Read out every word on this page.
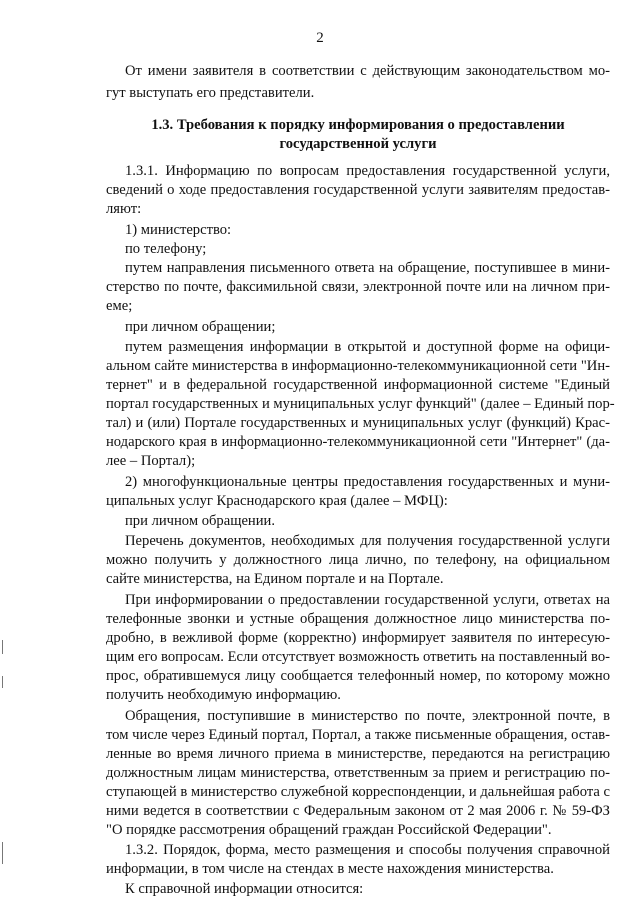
2
1.3. Требования к порядку информирования о предоставлении
государственной услуги
От имени заявителя в соответствии с действующим законодательством мо-
гут выступать его представители.
1.3.1. Информацию по вопросам предоставления государственной услуги,
сведений о ходе предоставления государственной услуги заявителям предостав-
ляют:
1) министерство:
по телефону;
путем направления письменного ответа на обращение, поступившее в мини-
стерство по почте, факсимильной связи, электронной почте или на личном при-
еме;
при личном обращении;
путем размещения информации в открытой и доступной форме на офици-
альном сайте министерства в информационно-телекоммуникационной сети "Ин-
тернет" и в федеральной государственной информационной системе "Единый
портал государственных и муниципальных услуг функций" (далее – Единый пор-
тал) и (или) Портале государственных и муниципальных услуг (функций) Крас-
нодарского края в информационно-телекоммуникационной сети "Интернет" (да-
лее – Портал);
2) многофункциональные центры предоставления государственных и муни-
ципальных услуг Краснодарского края (далее – МФЦ):
при личном обращении.
Перечень документов, необходимых для получения государственной услуги
можно получить у должностного лица лично, по телефону, на официальном
сайте министерства, на Едином портале и на Портале.
При информировании о предоставлении государственной услуги, ответах на
телефонные звонки и устные обращения должностное лицо министерства по-
дробно, в вежливой форме (корректно) информирует заявителя по интересую-
щим его вопросам. Если отсутствует возможность ответить на поставленный во-
прос, обратившемуся лицу сообщается телефонный номер, по которому можно
получить необходимую информацию.
Обращения, поступившие в министерство по почте, электронной почте, в
том числе через Единый портал, Портал, а также письменные обращения, остав-
ленные во время личного приема в министерстве, передаются на регистрацию
должностным лицам министерства, ответственным за прием и регистрацию по-
ступающей в министерство служебной корреспонденции, и дальнейшая работа с
ними ведется в соответствии с Федеральным законом от 2 мая 2006 г. № 59-ФЗ
"О порядке рассмотрения обращений граждан Российской Федерации".
1.3.2. Порядок, форма, место размещения и способы получения справочной
информации, в том числе на стендах в месте нахождения министерства.
К справочной информации относится:
